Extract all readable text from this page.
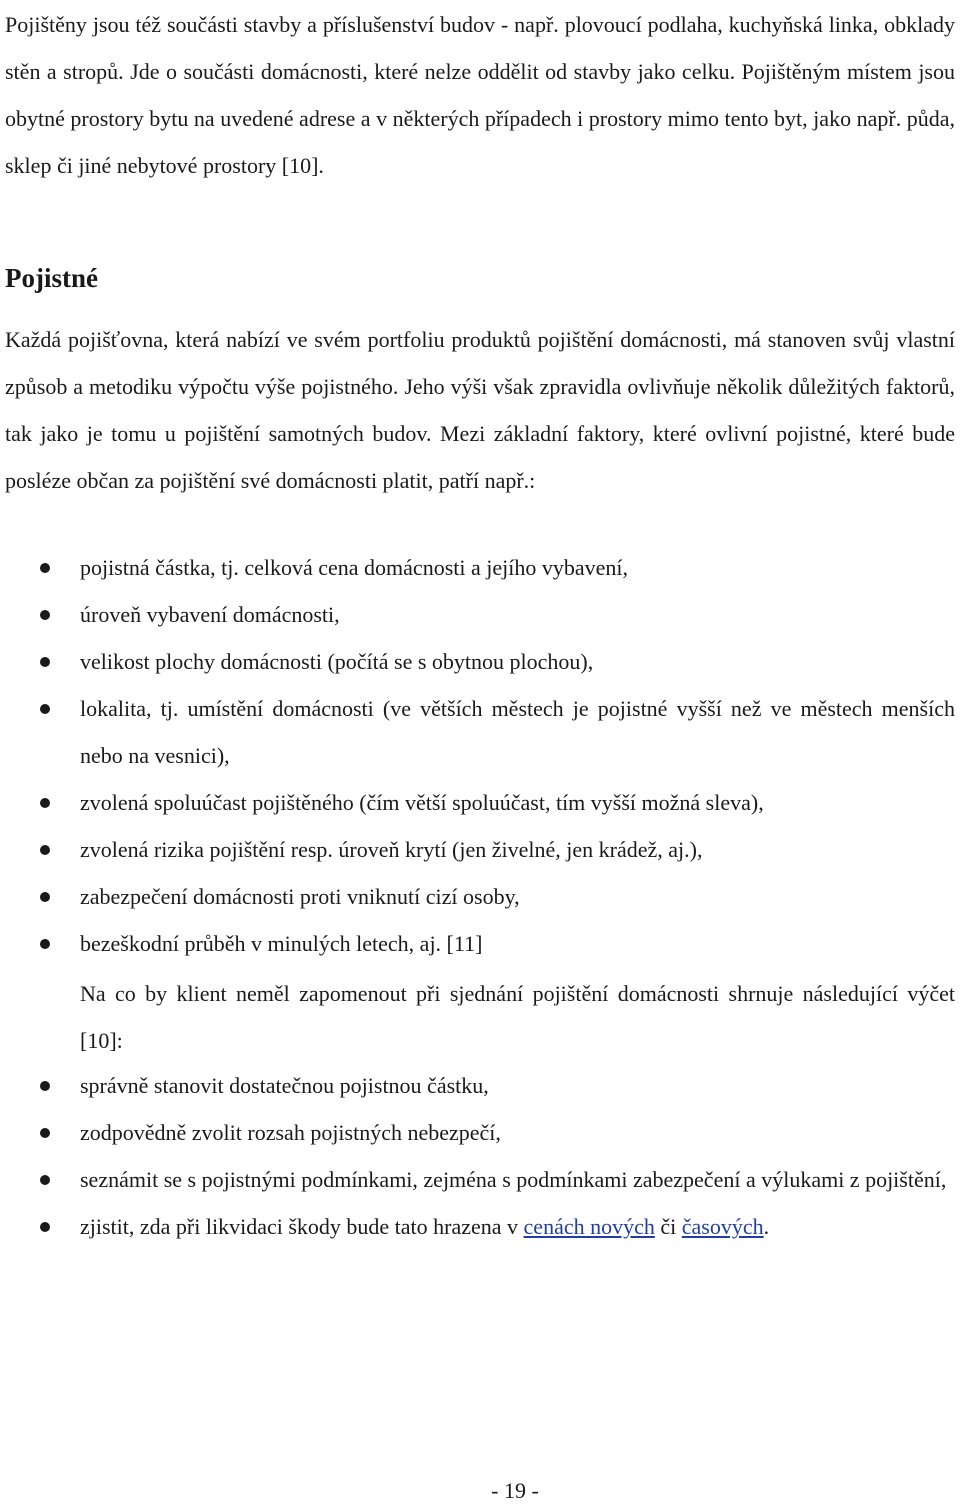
Pojištěny jsou též součásti stavby a příslušenství budov - např. plovoucí podlaha, kuchyňská linka, obklady stěn a stropů. Jde o součásti domácnosti, které nelze oddělit od stavby jako celku. Pojištěným místem jsou obytné prostory bytu na uvedené adrese a v některých případech i prostory mimo tento byt, jako např. půda, sklep či jiné nebytové prostory [10].

Pojistné

Každá pojišťovna, která nabízí ve svém portfoliu produktů pojištění domácnosti, má stanoven svůj vlastní způsob a metodiku výpočtu výše pojistného. Jeho výši však zpravidla ovlivňuje několik důležitých faktorů, tak jako je tomu u pojištění samotných budov. Mezi základní faktory, které ovlivní pojistné, které bude posléze občan za pojištění své domácnosti platit, patří např.:

pojistná částka, tj. celková cena domácnosti a jejího vybavení,
úroveň vybavení domácnosti,
velikost plochy domácnosti (počítá se s obytnou plochou),
lokalita, tj. umístění domácnosti (ve větších městech je pojistné vyšší než ve městech menších nebo na vesnici),
zvolená spoluúčast pojištěného (čím větší spoluúčast, tím vyšší možná sleva),
zvolená rizika pojištění resp. úroveň krytí (jen živelné, jen krádež, aj.),
zabezpečení domácnosti proti vniknutí cizí osoby,
bezeškodní průběh v minulých letech, aj. [11]

Na co by klient neměl zapomenout při sjednání pojištění domácnosti shrnuje následující výčet [10]:

správně stanovit dostatečnou pojistnou částku,
zodpovědně zvolit rozsah pojistných nebezpečí,
seznámit se s pojistnými podmínkami, zejména s podmínkami zabezpečení a výlukami z pojištění,
zjistit, zda při likvidaci škody bude tato hrazena v cenách nových či časových.
- 19 -
